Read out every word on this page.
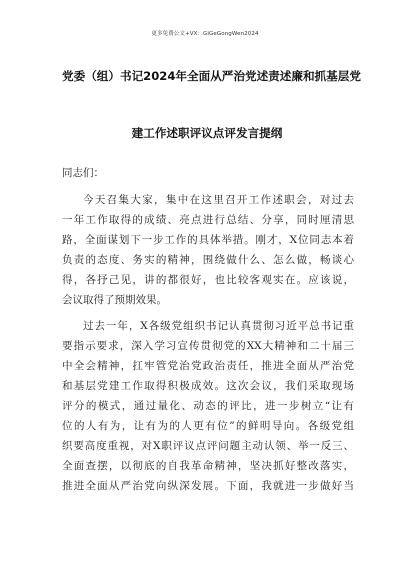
更多免费公文+VX：GiGeGongWen2024
党委（组）书记2024年全面从严治党述责述廉和抓基层党
建工作述职评议点评发言提纲
同志们：
今天召集大家，集中在这里召开工作述职会，对过去
一年工作取得的成绩、亮点进行总结、分享，同时厘清思
路，全面谋划下一步工作的具体举措。刚才，X位同志本着
负责的态度、务实的精神，围绕做什么、怎么做，畅谈心
得，各抒己见，讲的都很好，也比较客观实在。应该说，
会议取得了预期效果。
过去一年，X各级党组织书记认真贯彻习近平总书记重
要指示要求，深入学习宣传贯彻党的XX大精神和二十届三
中全会精神，扛牢管党治党政治责任，推进全面从严治党
和基层党建工作取得积极成效。这次会议，我们采取现场
评分的模式，通过量化、动态的评比，进一步树立“让有
位的人有为，让有为的人更有位”的鲜明导向。各级党组
织要高度重视，对X职评议点评问题主动认领、举一反三、
全面查摆，以彻底的自我革命精神，坚决抓好整改落实，
推进全面从严治党向纵深发展。下面，我就进一步做好当
